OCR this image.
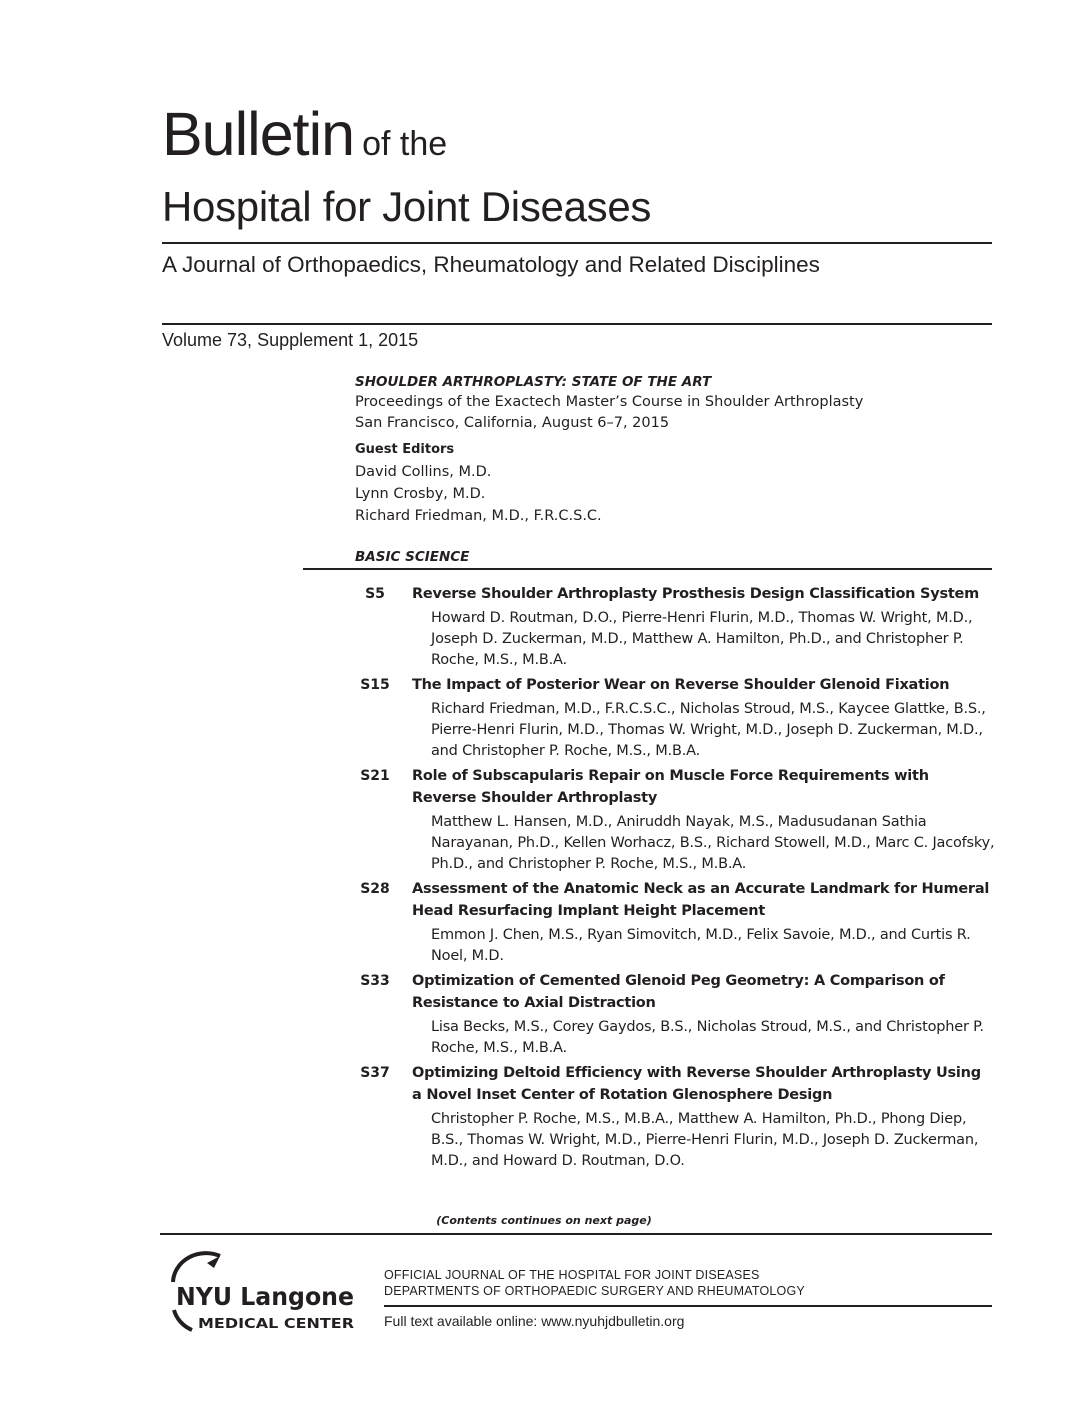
Bulletin of the
Hospital for Joint Diseases
A Journal of Orthopaedics, Rheumatology and Related Disciplines
Volume 73, Supplement 1, 2015
SHOULDER ARTHROPLASTY: STATE OF THE ART
Proceedings of the Exactech Master’s Course in Shoulder Arthroplasty
San Francisco, California, August 6–7, 2015
Guest Editors
David Collins, M.D.
Lynn Crosby, M.D.
Richard Friedman, M.D., F.R.C.S.C.
BASIC SCIENCE
S5	Reverse Shoulder Arthroplasty Prosthesis Design Classification System
Howard D. Routman, D.O., Pierre-Henri Flurin, M.D., Thomas W. Wright, M.D., Joseph D. Zuckerman, M.D., Matthew A. Hamilton, Ph.D., and Christopher P. Roche, M.S., M.B.A.
S15	The Impact of Posterior Wear on Reverse Shoulder Glenoid Fixation
Richard Friedman, M.D., F.R.C.S.C., Nicholas Stroud, M.S., Kaycee Glattke, B.S., Pierre-Henri Flurin, M.D., Thomas W. Wright, M.D., Joseph D. Zuckerman, M.D., and Christopher P. Roche, M.S., M.B.A.
S21	Role of Subscapularis Repair on Muscle Force Requirements with Reverse Shoulder Arthroplasty
Matthew L. Hansen, M.D., Aniruddh Nayak, M.S., Madusudanan Sathia Narayanan, Ph.D., Kellen Worhacz, B.S., Richard Stowell, M.D., Marc C. Jacofsky, Ph.D., and Christopher P. Roche, M.S., M.B.A.
S28	Assessment of the Anatomic Neck as an Accurate Landmark for Humeral Head Resurfacing Implant Height Placement
Emmon J. Chen, M.S., Ryan Simovitch, M.D., Felix Savoie, M.D., and Curtis R. Noel, M.D.
S33	Optimization of Cemented Glenoid Peg Geometry: A Comparison of Resistance to Axial Distraction
Lisa Becks, M.S., Corey Gaydos, B.S., Nicholas Stroud, M.S., and Christopher P. Roche, M.S., M.B.A.
S37	Optimizing Deltoid Efficiency with Reverse Shoulder Arthroplasty Using a Novel Inset Center of Rotation Glenosphere Design
Christopher P. Roche, M.S., M.B.A., Matthew A. Hamilton, Ph.D., Phong Diep, B.S., Thomas W. Wright, M.D., Pierre-Henri Flurin, M.D., Joseph D. Zuckerman, M.D., and Howard D. Routman, D.O.
(Contents continues on next page)
NYU Langone
MEDICAL CENTER
OFFICIAL JOURNAL OF THE HOSPITAL FOR JOINT DISEASES
DEPARTMENTS OF ORTHOPAEDIC SURGERY AND RHEUMATOLOGY
Full text available online: www.nyuhjdbulletin.org
